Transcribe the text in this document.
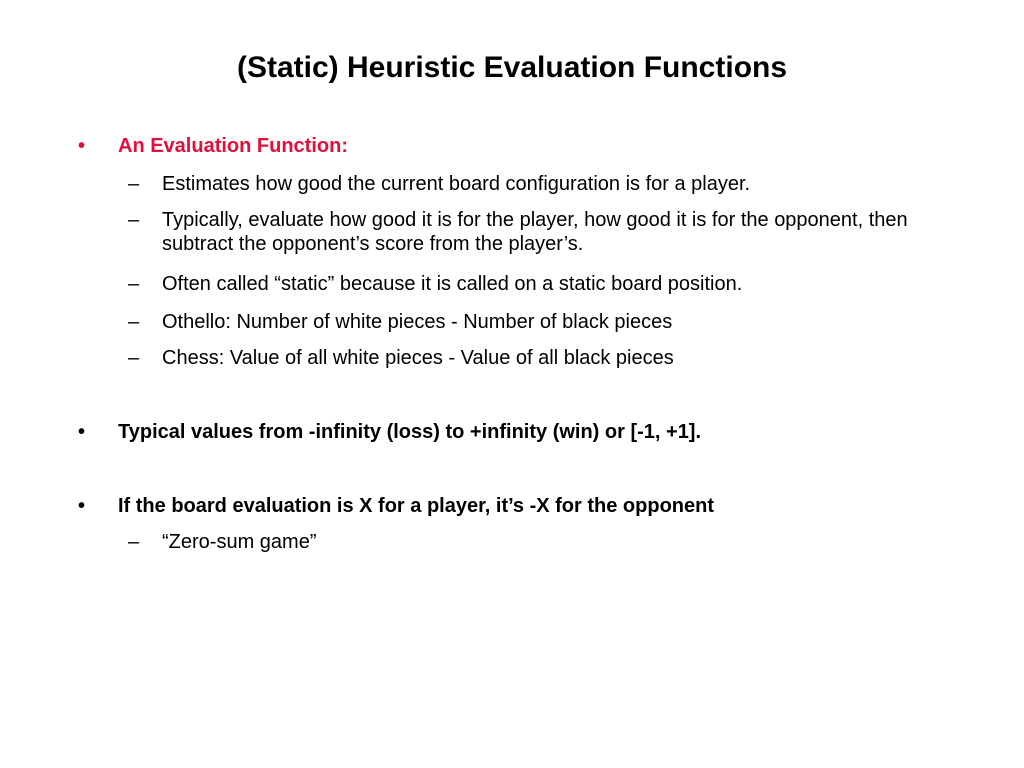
(Static) Heuristic Evaluation Functions
•	An Evaluation Function:
–	Estimates how good the current board configuration is for a player.
–	Typically, evaluate how good it is for the player, how good it is for the opponent, then subtract the opponent’s score from the player’s.
–	Often called “static” because it is called on a static board position.
–	Othello: Number of white pieces - Number of black pieces
–	Chess: Value of all white pieces - Value of all black pieces
•	Typical values from -infinity (loss) to +infinity (win) or [-1, +1].
•	If the board evaluation is X for a player, it’s -X for the opponent
–	“Zero-sum game”
